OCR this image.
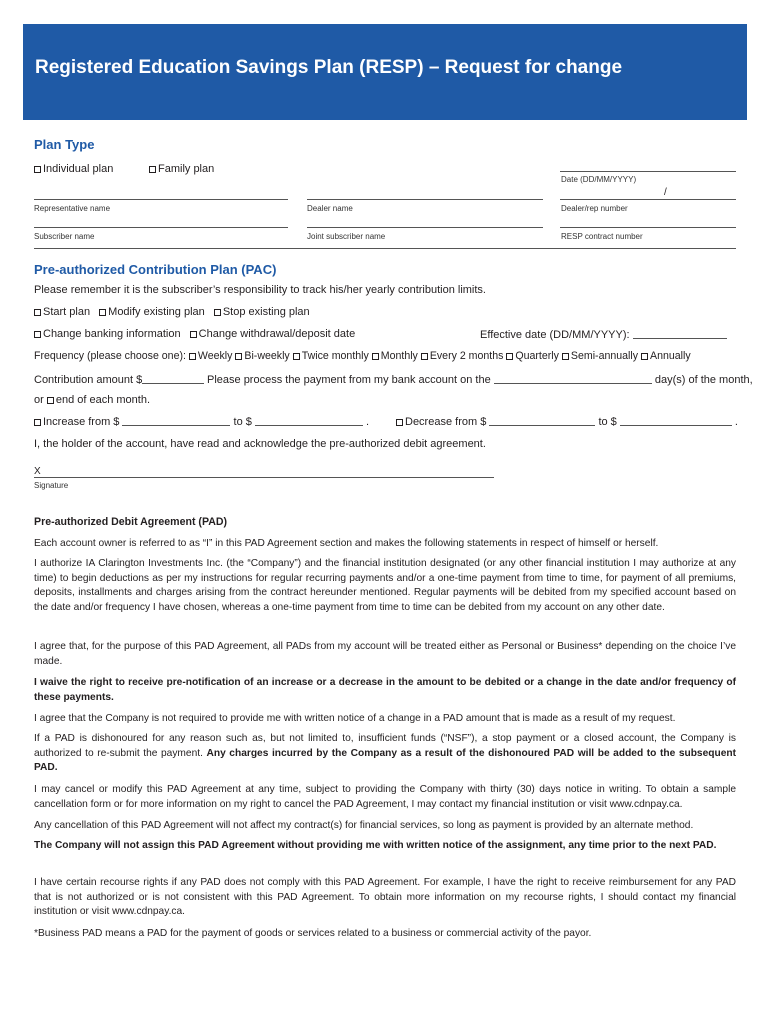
Registered Education Savings Plan (RESP) – Request for change
Plan Type
Individual plan	Family plan
Date (DD/MM/YYYY)
/
Representative name	Dealer name	Dealer/rep number
Subscriber name	Joint subscriber name	RESP contract number
Pre-authorized Contribution Plan (PAC)
Please remember it is the subscriber’s responsibility to track his/her yearly contribution limits.
Start plan Modify existing plan Stop existing plan
Change banking information Change withdrawal/deposit date	Effective date (DD/MM/YYYY):
Frequency (please choose one): Weekly Bi-weekly Twice monthly Monthly Every 2 months Quarterly Semi-annually Annually
Contribution amount $	Please process the payment from my bank account on the	day(s) of the month,
or end of each month.
Increase from $	to $	.	Decrease from $	to $	.
I, the holder of the account, have read and acknowledge the pre-authorized debit agreement.
X
Signature
Pre-authorized Debit Agreement (PAD)

Each account owner is referred to as “I” in this PAD Agreement section and makes the following statements in respect of himself or herself.

I authorize IA Clarington Investments Inc. (the “Company”) and the financial institution designated (or any other financial institution I may authorize at any time) to begin deductions as per my instructions for regular recurring payments and/or a one-time payment from time to time, for payment of all premiums, deposits, installments and charges arising from the contract hereunder mentioned. Regular payments will be debited from my specified account based on the date and/or frequency I have chosen, whereas a one-time payment from time to time can be debited from my account on any other date.

I agree that, for the purpose of this PAD Agreement, all PADs from my account will be treated either as Personal or Business* depending on the choice I’ve made.

I waive the right to receive pre-notification of an increase or a decrease in the amount to be debited or a change in the date and/or frequency of these payments.

I agree that the Company is not required to provide me with written notice of a change in a PAD amount that is made as a result of my request.

If a PAD is dishonoured for any reason such as, but not limited to, insufficient funds (“NSF”), a stop payment or a closed account, the Company is authorized to re-submit the payment. Any charges incurred by the Company as a result of the dishonoured PAD will be added to the subsequent PAD.

I may cancel or modify this PAD Agreement at any time, subject to providing the Company with thirty (30) days notice in writing. To obtain a sample cancellation form or for more information on my right to cancel the PAD Agreement, I may contact my financial institution or visit www.cdnpay.ca.

Any cancellation of this PAD Agreement will not affect my contract(s) for financial services, so long as payment is provided by an alternate method.

The Company will not assign this PAD Agreement without providing me with written notice of the assignment, any time prior to the next PAD.

I have certain recourse rights if any PAD does not comply with this PAD Agreement. For example, I have the right to receive reimbursement for any PAD that is not authorized or is not consistent with this PAD Agreement. To obtain more information on my recourse rights, I should contact my financial institution or visit www.cdnpay.ca.

*Business PAD means a PAD for the payment of goods or services related to a business or commercial activity of the payor.
